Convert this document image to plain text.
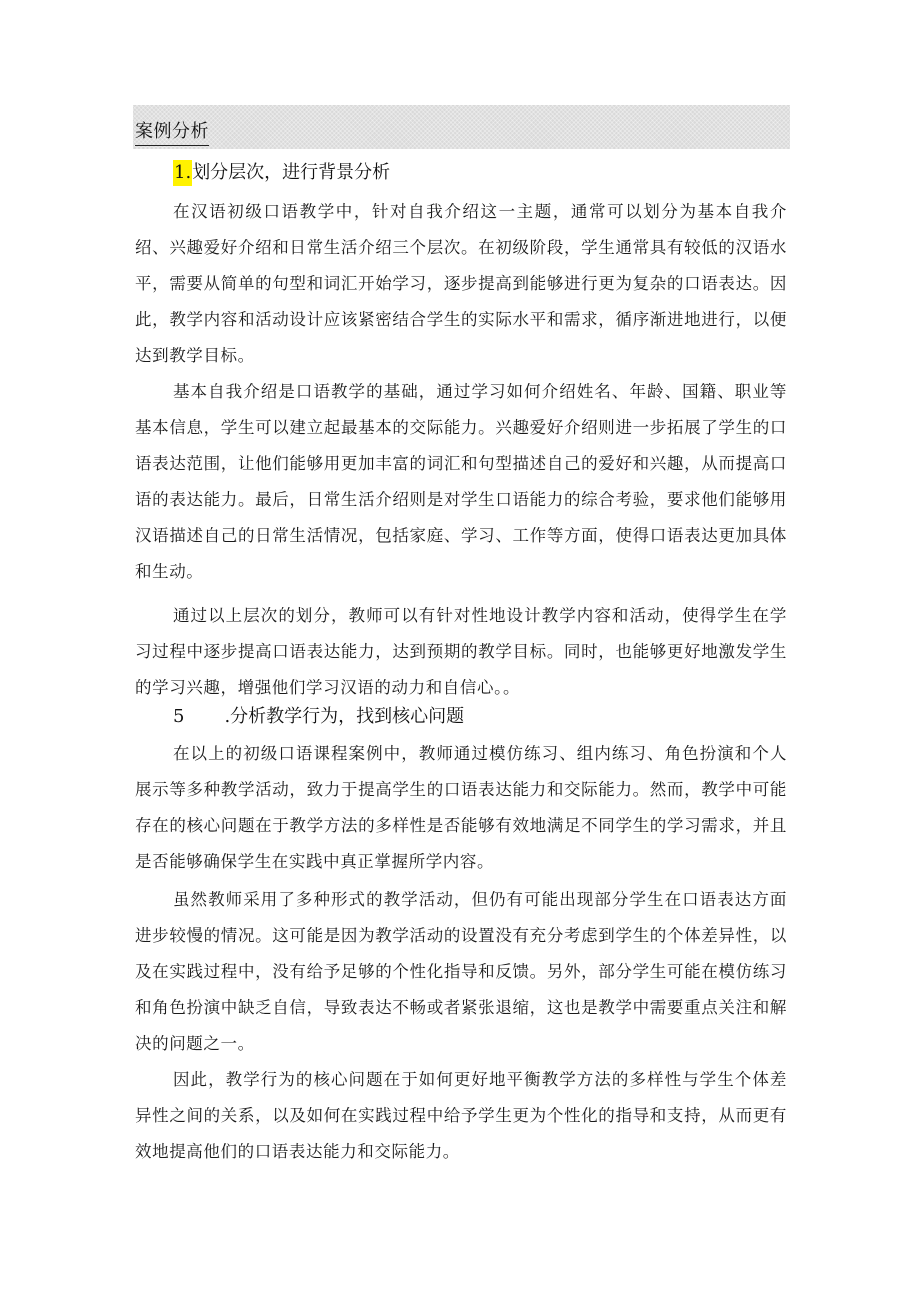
案例分析
1.划分层次，进行背景分析

在汉语初级口语教学中，针对自我介绍这一主题，通常可以划分为基本自我介绍、兴趣爱好介绍和日常生活介绍三个层次。在初级阶段，学生通常具有较低的汉语水平，需要从简单的句型和词汇开始学习，逐步提高到能够进行更为复杂的口语表达。因此，教学内容和活动设计应该紧密结合学生的实际水平和需求，循序渐进地进行，以便达到教学目标。

基本自我介绍是口语教学的基础，通过学习如何介绍姓名、年龄、国籍、职业等基本信息，学生可以建立起最基本的交际能力。兴趣爱好介绍则进一步拓展了学生的口语表达范围，让他们能够用更加丰富的词汇和句型描述自己的爱好和兴趣，从而提高口语的表达能力。最后，日常生活介绍则是对学生口语能力的综合考验，要求他们能够用汉语描述自己的日常生活情况，包括家庭、学习、工作等方面，使得口语表达更加具体和生动。

通过以上层次的划分，教师可以有针对性地设计教学内容和活动，使得学生在学习过程中逐步提高口语表达能力，达到预期的教学目标。同时，也能够更好地激发学生的学习兴趣，增强他们学习汉语的动力和自信心。。

5 .分析教学行为，找到核心问题

在以上的初级口语课程案例中，教师通过模仿练习、组内练习、角色扮演和个人展示等多种教学活动，致力于提高学生的口语表达能力和交际能力。然而，教学中可能存在的核心问题在于教学方法的多样性是否能够有效地满足不同学生的学习需求，并且是否能够确保学生在实践中真正掌握所学内容。

虽然教师采用了多种形式的教学活动，但仍有可能出现部分学生在口语表达方面进步较慢的情况。这可能是因为教学活动的设置没有充分考虑到学生的个体差异性，以及在实践过程中，没有给予足够的个性化指导和反馈。另外，部分学生可能在模仿练习和角色扮演中缺乏自信，导致表达不畅或者紧张退缩，这也是教学中需要重点关注和解决的问题之一。

因此，教学行为的核心问题在于如何更好地平衡教学方法的多样性与学生个体差异性之间的关系，以及如何在实践过程中给予学生更为个性化的指导和支持，从而更有效地提高他们的口语表达能力和交际能力。
